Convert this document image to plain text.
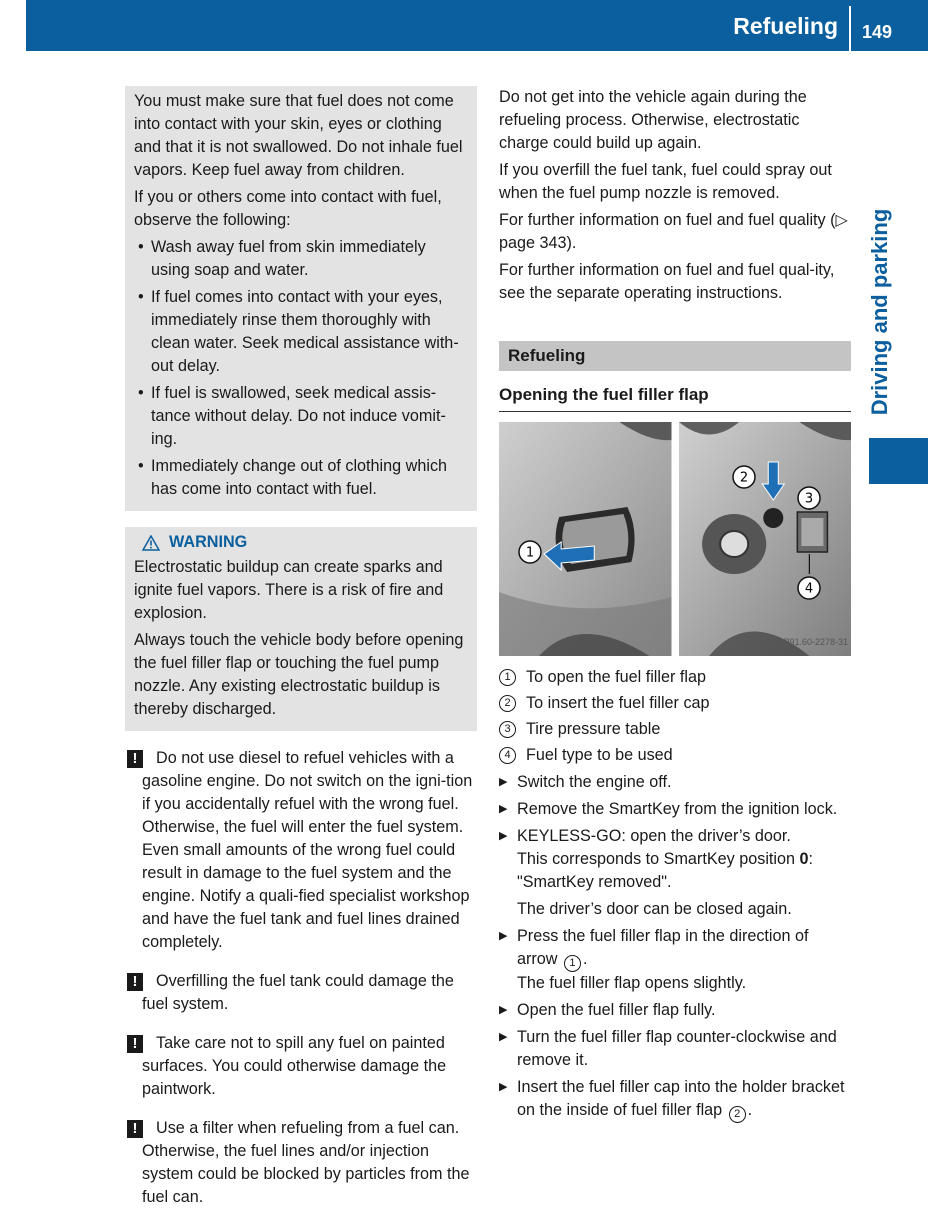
Refueling 149
Driving and parking

You must make sure that fuel does not come into contact with your skin, eyes or clothing and that it is not swallowed. Do not inhale fuel vapors. Keep fuel away from children.

If you or others come into contact with fuel, observe the following:

• Wash away fuel from skin immediately using soap and water.
• If fuel comes into contact with your eyes, immediately rinse them thoroughly with clean water. Seek medical assistance with-out delay.
• If fuel is swallowed, seek medical assis-tance without delay. Do not induce vomit-ing.
• Immediately change out of clothing which has come into contact with fuel.
WARNING

Electrostatic buildup can create sparks and ignite fuel vapors. There is a risk of fire and explosion.

Always touch the vehicle body before opening the fuel filler flap or touching the fuel pump nozzle. Any existing electrostatic buildup is thereby discharged.

!	Do not use diesel to refuel vehicles with a gasoline engine. Do not switch on the igni-tion if you accidentally refuel with the wrong fuel. Otherwise, the fuel will enter the fuel system. Even small amounts of the wrong fuel could result in damage to the fuel system and the engine. Notify a quali-fied specialist workshop and have the fuel tank and fuel lines drained completely.
!	Overfilling the fuel tank could damage the fuel system.
!	Take care not to spill any fuel on painted surfaces. You could otherwise damage the paintwork.
!	Use a filter when refueling from a fuel can. Otherwise, the fuel lines and/or injection system could be blocked by particles from the fuel can.

Do not get into the vehicle again during the refueling process. Otherwise, electrostatic charge could build up again.

If you overfill the fuel tank, fuel could spray out when the fuel pump nozzle is removed.

For further information on fuel and fuel quality (▷ page 343).

For further information on fuel and fuel qual-ity, see the separate operating instructions.

Refueling
Opening the fuel filler flap
1
2
3
4
P91.60-2278-31
1 To open the fuel filler flap
2 To insert the fuel filler cap
3 Tire pressure table
4 Fuel type to be used
▶ Switch the engine off.
▶ Remove the SmartKey from the ignition lock.
▶ KEYLESS-GO: open the driver’s door.
This corresponds to SmartKey position 0: "SmartKey removed".
The driver’s door can be closed again.
▶ Press the fuel filler flap in the direction of arrow 1 .
The fuel filler flap opens slightly.
▶ Open the fuel filler flap fully.
▶ Turn the fuel filler flap counter-clockwise and remove it.
▶ Insert the fuel filler cap into the holder bracket on the inside of fuel filler flap 2 .
